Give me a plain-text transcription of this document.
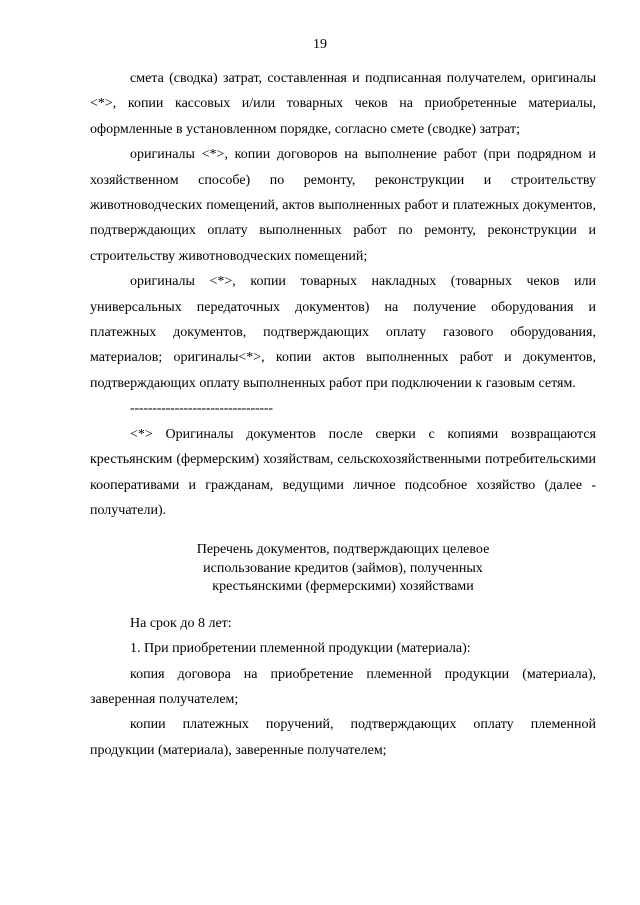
19

смета (сводка) затрат, составленная и подписанная получателем, оригиналы <*>, копии кассовых и/или товарных чеков на приобретенные материалы, оформленные в установленном порядке, согласно смете (сводке) затрат;

оригиналы <*>, копии договоров на выполнение работ (при подрядном и хозяйственном способе) по ремонту, реконструкции и строительству животноводческих помещений, актов выполненных работ и платежных документов, подтверждающих оплату выполненных работ по ремонту, реконструкции и строительству животноводческих помещений;

оригиналы <*>, копии товарных накладных (товарных чеков или универсальных передаточных документов) на получение оборудования и платежных документов, подтверждающих оплату газового оборудования, материалов; оригиналы<*>, копии актов выполненных работ и документов, подтверждающих оплату выполненных работ при подключении к газовым сетям.

--------------------------------

<*> Оригиналы документов после сверки с копиями возвращаются крестьянским (фермерским) хозяйствам, сельскохозяйственными потребительскими кооперативами и гражданам, ведущими личное подсобное хозяйство (далее - получатели).

Перечень документов, подтверждающих целевое
использование кредитов (займов), полученных
крестьянскими (фермерскими) хозяйствами

На срок до 8 лет:

1. При приобретении племенной продукции (материала):

копия договора на приобретение племенной продукции (материала), заверенная получателем;

копии платежных поручений, подтверждающих оплату племенной продукции (материала), заверенные получателем;
